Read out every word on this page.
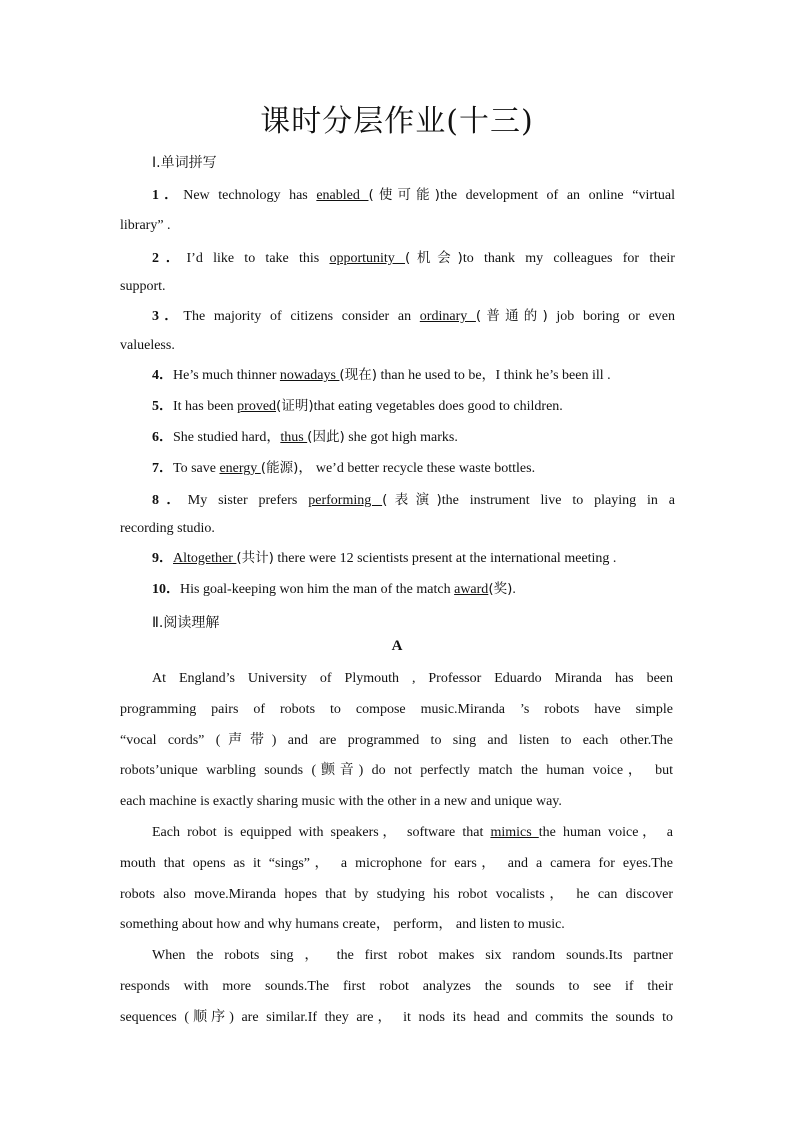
课时分层作业(十三)
Ⅰ.单词拼写
1．New technology has enabled (使可能)the development of an online “virtual
library” .
2．I’d like to take this opportunity (机会)to thank my colleagues for their
support.
3．The majority of citizens consider an ordinary (普通的) job boring or even
valueless.
4．He’s much thinner nowadays (现在) than he used to be，I think he’s been ill .
5．It has been proved(证明)that eating vegetables does good to children.
6．She studied hard，thus (因此) she got high marks.
7．To save energy (能源)， we’d better recycle these waste bottles.
8．My sister prefers performing (表演)the instrument live to playing in a
recording studio.
9．Altogether (共计) there were 12 scientists present at the international meeting .
10．His goal-keeping won him the man of the match award(奖).
Ⅱ.阅读理解
A
At England’s University of Plymouth , Professor Eduardo Miranda has been
programming pairs of robots to compose music.Miranda ’s robots have simple
“vocal cords” (声带) and are programmed to sing and listen to each other.The
robots’unique warbling sounds (颤音) do not perfectly match the human voice， but
each machine is exactly sharing music with the other in a new and unique way.
Each robot is equipped with speakers， software that mimics the human voice， a
mouth that opens as it “sings”， a microphone for ears， and a camera for eyes.The
robots also move.Miranda hopes that by studying his robot vocalists， he can discover
something about how and why humans create， perform， and listen to music.
When the robots sing ， the first robot makes six random sounds.Its partner
responds with more sounds.The first robot analyzes the sounds to see if their
sequences (顺序) are similar.If they are， it nods its head and commits the sounds to
